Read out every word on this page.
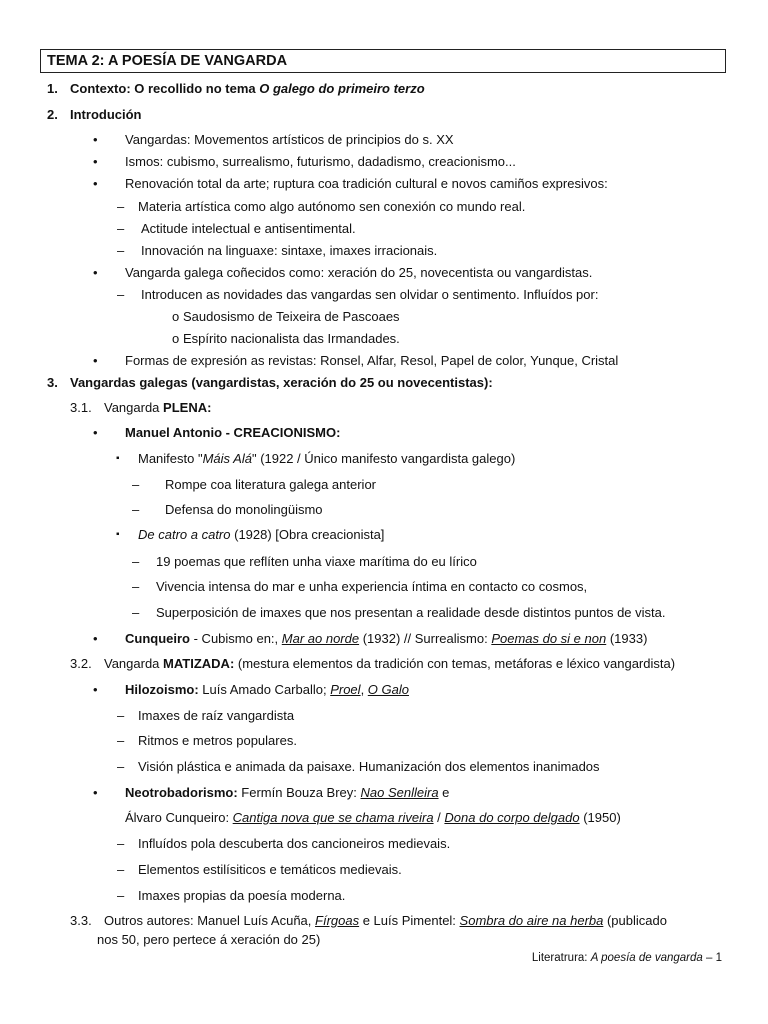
TEMA 2: A POESÍA DE VANGARDA
1. Contexto: O recollido no tema O galego do primeiro terzo
2. Introdución
• Vangardas: Movementos artísticos de principios do s. XX
• Ismos: cubismo, surrealismo, futurismo, dadadismo, creacionismo...
• Renovación total da arte; ruptura coa tradición cultural e novos camiños expresivos:
– Materia artística como algo autónomo sen conexión co mundo real.
– Actitude intelectual e antisentimental.
– Innovación na linguaxe: sintaxe, imaxes irracionais.
• Vangarda galega coñecidos como: xeración do 25, novecentista ou vangardistas.
– Introducen as novidades das vangardas sen olvidar o sentimento. Influídos por:
o Saudosismo de Teixeira de Pascoaes
o Espírito nacionalista das Irmandades.
• Formas de expresión as revistas: Ronsel, Alfar, Resol, Papel de color, Yunque, Cristal
3. Vangardas galegas (vangardistas, xeración do 25 ou novecentistas):
3.1. Vangarda PLENA:
• Manuel Antonio - CREACIONISMO:
▪ Manifesto "Máis Alá" (1922 / Único manifesto vangardista galego)
– Rompe coa literatura galega anterior
– Defensa do monolingüismo
▪ De catro a catro (1928) [Obra creacionista]
– 19 poemas que reflíten unha viaxe marítima do eu lírico
– Vivencia intensa do mar e unha experiencia íntima en contacto co cosmos,
– Superposición de imaxes que nos presentan a realidade desde distintos puntos de vista.
• Cunqueiro - Cubismo en:, Mar ao norde (1932) // Surrealismo: Poemas do si e non (1933)
3.2. Vangarda MATIZADA: (mestura elementos da tradición con temas, metáforas e léxico vangardista)
• Hilozoismo: Luís Amado Carballo; Proel, O Galo
– Imaxes de raíz vangardista
– Ritmos e metros populares.
– Visión plástica e animada da paisaxe. Humanización dos elementos inanimados
• Neotrobadorismo: Fermín Bouza Brey: Nao Senlleira e
Álvaro Cunqueiro: Cantiga nova que se chama riveira / Dona do corpo delgado (1950)
– Influídos pola descuberta dos cancioneiros medievais.
– Elementos estilísiticos e temáticos medievais.
– Imaxes propias da poesía moderna.
3.3. Outros autores: Manuel Luís Acuña, Fírgoas e Luís Pimentel: Sombra do aire na herba (publicado
nos 50, pero pertece á xeración do 25)
Literatrura: A poesía de vangarda – 1
